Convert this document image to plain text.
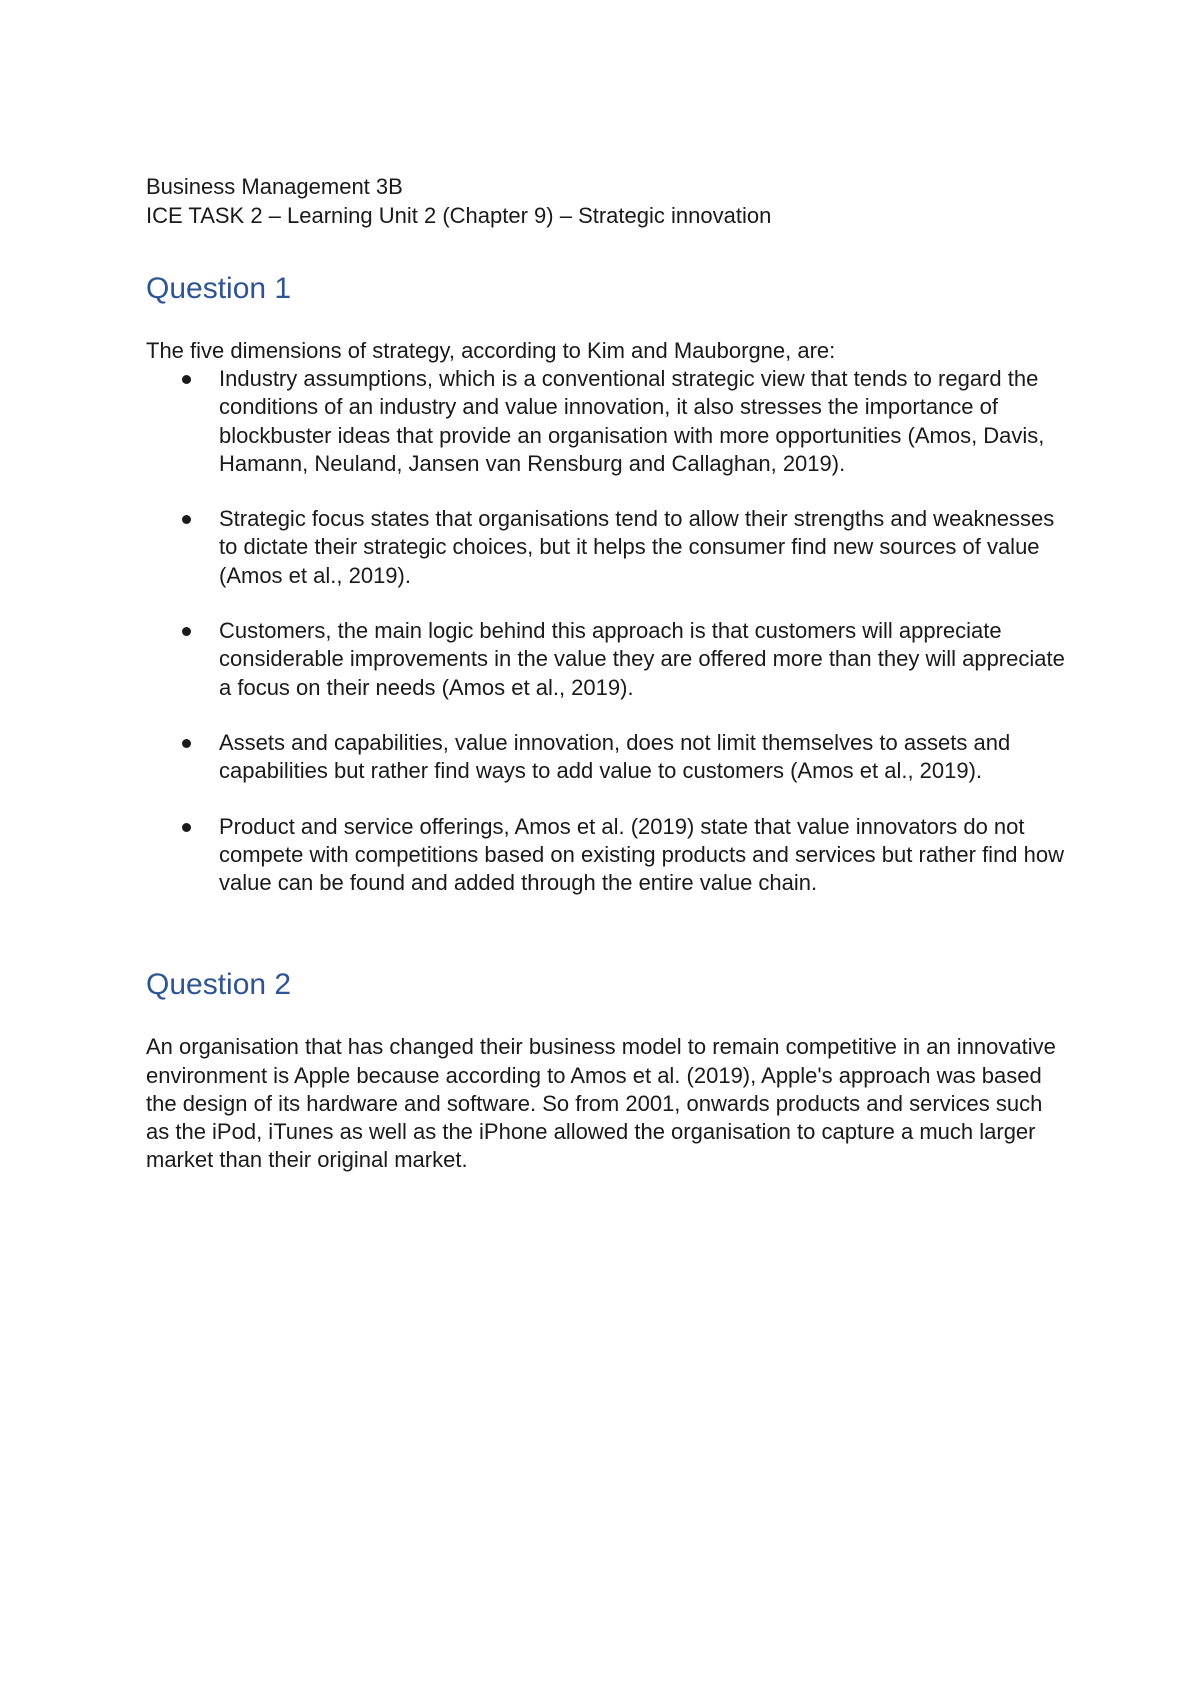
Business Management 3B

ICE TASK 2 – Learning Unit 2 (Chapter 9) – Strategic innovation

Question 1

The five dimensions of strategy, according to Kim and Mauborgne, are:

Industry assumptions, which is a conventional strategic view that tends to regard the conditions of an industry and value innovation, it also stresses the importance of blockbuster ideas that provide an organisation with more opportunities (Amos, Davis, Hamann, Neuland, Jansen van Rensburg and Callaghan, 2019).
Strategic focus states that organisations tend to allow their strengths and weaknesses to dictate their strategic choices, but it helps the consumer find new sources of value (Amos et al., 2019).
Customers, the main logic behind this approach is that customers will appreciate considerable improvements in the value they are offered more than they will appreciate a focus on their needs (Amos et al., 2019).
Assets and capabilities, value innovation, does not limit themselves to assets and capabilities but rather find ways to add value to customers (Amos et al., 2019).
Product and service offerings, Amos et al. (2019) state that value innovators do not compete with competitions based on existing products and services but rather find how value can be found and added through the entire value chain.
Question 2

An organisation that has changed their business model to remain competitive in an innovative environment is Apple because according to Amos et al. (2019), Apple's approach was based the design of its hardware and software. So from 2001, onwards products and services such as the iPod, iTunes as well as the iPhone allowed the organisation to capture a much larger market than their original market.
